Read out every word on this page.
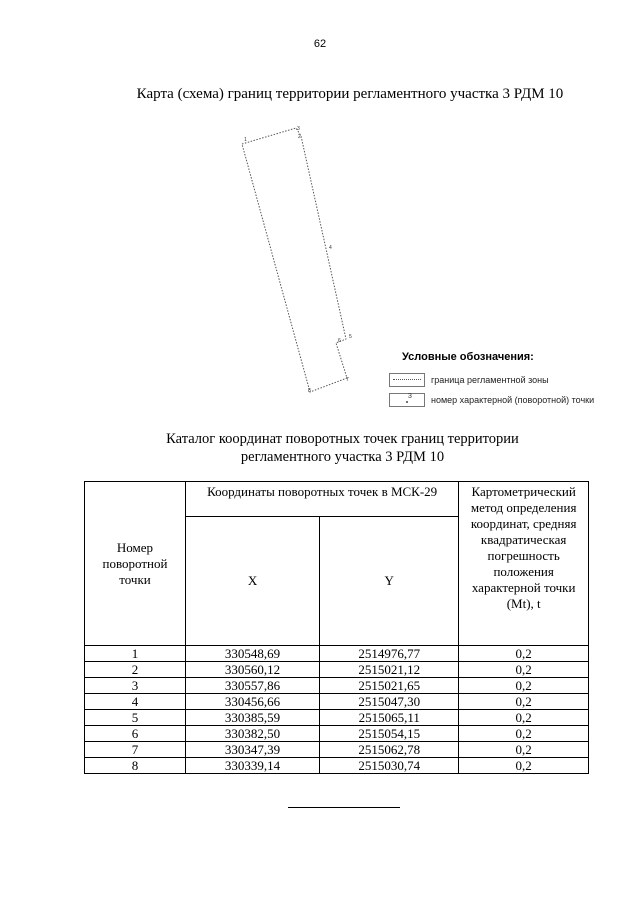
62
Карта (схема) границ территории регламентного участка 3 РДМ 10
1	2
3
4
5
6
7
8
Условные обозначения:
граница регламентной зоны
3 номер характерной (поворотной) точки
Каталог координат поворотных точек границ территории
регламентного участка 3 РДМ 10
Номер поворотной точки	Координаты поворотных точек в МСК-29		Картометрический метод определения координат, средняя квадратическая погрешность положения характерной точки (Мt), t
	X	Y	
1	330548,69	2514976,77	0,2
2	330560,12	2515021,12	0,2
3	330557,86	2515021,65	0,2
4	330456,66	2515047,30	0,2
5	330385,59	2515065,11	0,2
6	330382,50	2515054,15	0,2
7	330347,39	2515062,78	0,2
8	330339,14	2515030,74	0,2
